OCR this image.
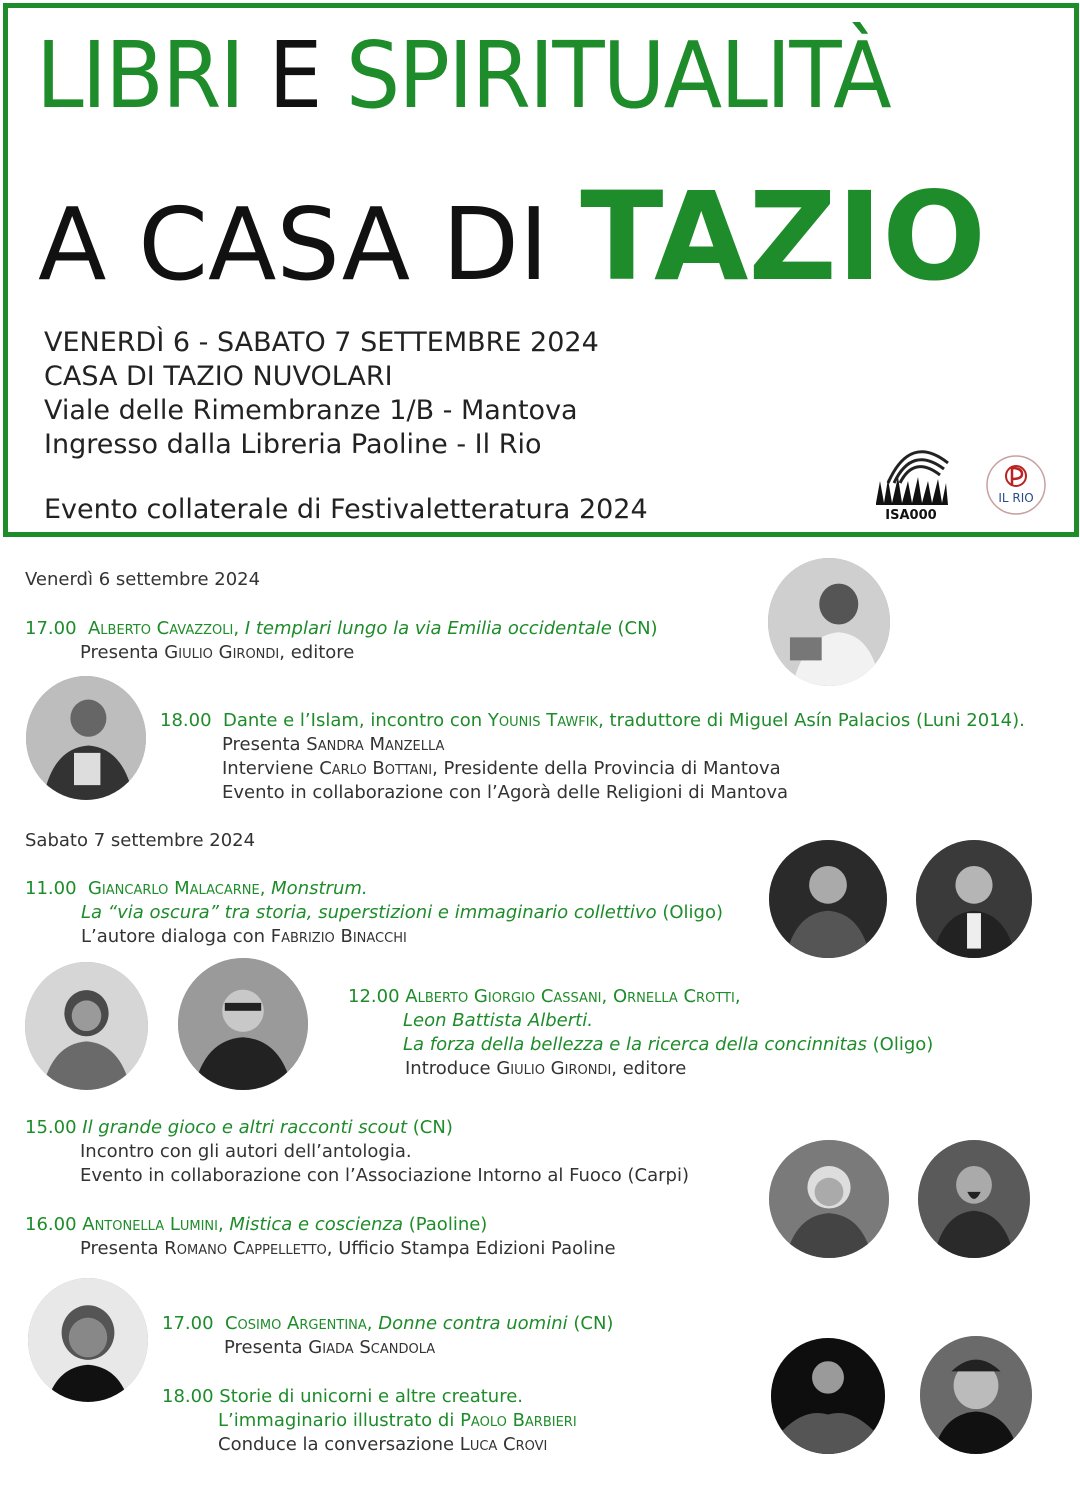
LIBRI E SPIRITUALITÀ
A CASA DI TAZIO
VENERDÌ 6 - SABATO 7 SETTEMBRE 2024
CASA DI TAZIO NUVOLARI
Viale delle Rimembranze 1/B - Mantova
Ingresso dalla Libreria Paoline - Il Rio
Evento collaterale di Festivaletteratura 2024	ISA000
IL RIO
Venerdì 6 settembre 2024
17.00 Alberto Cavazzoli, I templari lungo la via Emilia occidentale (CN)
Presenta Giulio Girondi, editore
18.00 Dante e l’Islam, incontro con Younis Tawfik, traduttore di Miguel Asín Palacios (Luni 2014).
Presenta Sandra Manzella
Interviene Carlo Bottani, Presidente della Provincia di Mantova
Evento in collaborazione con l’Agorà delle Religioni di Mantova
Sabato 7 settembre 2024
11.00 Giancarlo Malacarne, Monstrum.
La “via oscura” tra storia, superstizioni e immaginario collettivo (Oligo)
L’autore dialoga con Fabrizio Binacchi
12.00 Alberto Giorgio Cassani, Ornella Crotti,
Leon Battista Alberti.
La forza della bellezza e la ricerca della concinnitas (Oligo)
Introduce Giulio Girondi, editore
15.00 Il grande gioco e altri racconti scout (CN)
Incontro con gli autori dell’antologia.
Evento in collaborazione con l’Associazione Intorno al Fuoco (Carpi)
16.00 Antonella Lumini, Mistica e coscienza (Paoline)
Presenta Romano Cappelletto, Ufficio Stampa Edizioni Paoline
17.00 Cosimo Argentina, Donne contra uomini (CN)
Presenta Giada Scandola
18.00 Storie di unicorni e altre creature.
L’immaginario illustrato di Paolo Barbieri
Conduce la conversazione Luca Crovi
